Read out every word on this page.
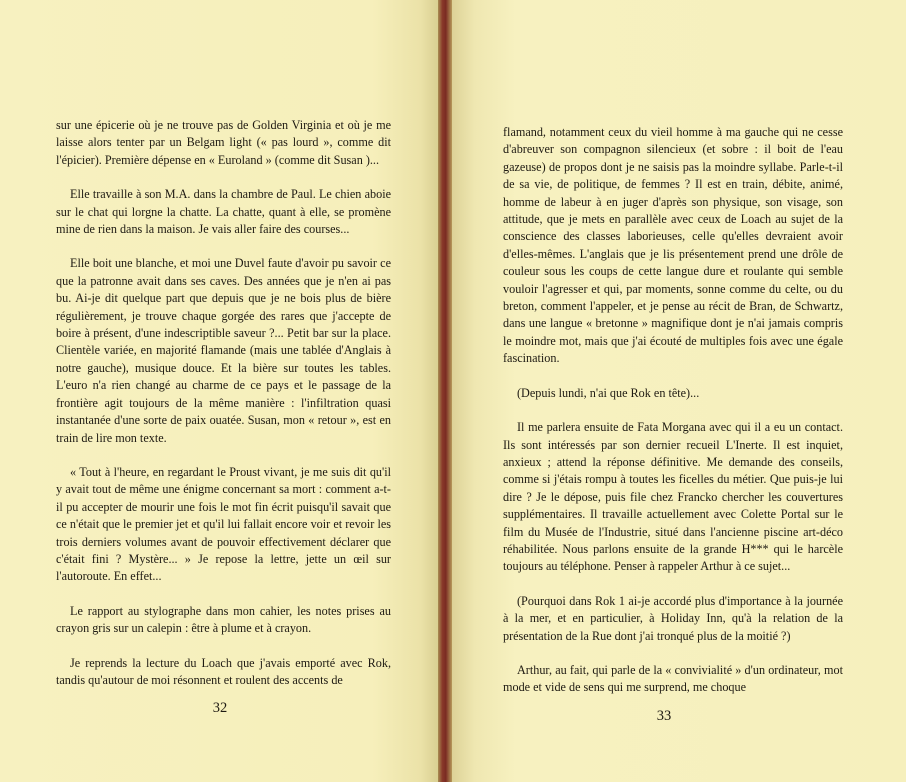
sur une épicerie où je ne trouve pas de Golden Virginia et où je me laisse alors tenter par un Belgam light (« pas lourd », comme dit l'épicier). Première dépense en « Euroland » (comme dit Susan )...

Elle travaille à son M.A. dans la chambre de Paul. Le chien aboie sur le chat qui lorgne la chatte. La chatte, quant à elle, se promène mine de rien dans la maison. Je vais aller faire des courses...

Elle boit une blanche, et moi une Duvel faute d'avoir pu savoir ce que la patronne avait dans ses caves. Des années que je n'en ai pas bu. Ai-je dit quelque part que depuis que je ne bois plus de bière régulièrement, je trouve chaque gorgée des rares que j'accepte de boire à présent, d'une indescriptible saveur ?... Petit bar sur la place. Clientèle variée, en majorité flamande (mais une tablée d'Anglais à notre gauche), musique douce. Et la bière sur toutes les tables. L'euro n'a rien changé au charme de ce pays et le passage de la frontière agit toujours de la même manière : l'infiltration quasi instantanée d'une sorte de paix ouatée. Susan, mon « retour », est en train de lire mon texte.

« Tout à l'heure, en regardant le Proust vivant, je me suis dit qu'il y avait tout de même une énigme concernant sa mort : comment a-t-il pu accepter de mourir une fois le mot fin écrit puisqu'il savait que ce n'était que le premier jet et qu'il lui fallait encore voir et revoir les trois derniers volumes avant de pouvoir effectivement déclarer que c'était fini ? Mystère... » Je repose la lettre, jette un œil sur l'autoroute. En effet...

Le rapport au stylographe dans mon cahier, les notes prises au crayon gris sur un calepin : être à plume et à crayon.

Je reprends la lecture du Loach que j'avais emporté avec Rok, tandis qu'autour de moi résonnent et roulent des accents de

32

flamand, notamment ceux du vieil homme à ma gauche qui ne cesse d'abreuver son compagnon silencieux (et sobre : il boit de l'eau gazeuse) de propos dont je ne saisis pas la moindre syllabe. Parle-t-il de sa vie, de politique, de femmes ? Il est en train, débite, animé, homme de labeur à en juger d'après son physique, son visage, son attitude, que je mets en parallèle avec ceux de Loach au sujet de la conscience des classes laborieuses, celle qu'elles devraient avoir d'elles-mêmes. L'anglais que je lis présentement prend une drôle de couleur sous les coups de cette langue dure et roulante qui semble vouloir l'agresser et qui, par moments, sonne comme du celte, ou du breton, comment l'appeler, et je pense au récit de Bran, de Schwartz, dans une langue « bretonne » magnifique dont je n'ai jamais compris le moindre mot, mais que j'ai écouté de multiples fois avec une égale fascination.

(Depuis lundi, n'ai que Rok en tête)...

Il me parlera ensuite de Fata Morgana avec qui il a eu un contact. Ils sont intéressés par son dernier recueil L'Inerte. Il est inquiet, anxieux ; attend la réponse définitive. Me demande des conseils, comme si j'étais rompu à toutes les ficelles du métier. Que puis-je lui dire ? Je le dépose, puis file chez Francko chercher les couvertures supplémentaires. Il travaille actuellement avec Colette Portal sur le film du Musée de l'Industrie, situé dans l'ancienne piscine art-déco réhabilitée. Nous parlons ensuite de la grande H*** qui le harcèle toujours au téléphone. Penser à rappeler Arthur à ce sujet...

(Pourquoi dans Rok 1 ai-je accordé plus d'importance à la journée à la mer, et en particulier, à Holiday Inn, qu'à la relation de la présentation de la Rue dont j'ai tronqué plus de la moitié ?)

Arthur, au fait, qui parle de la « convivialité » d'un ordinateur, mot mode et vide de sens qui me surprend, me choque

33
